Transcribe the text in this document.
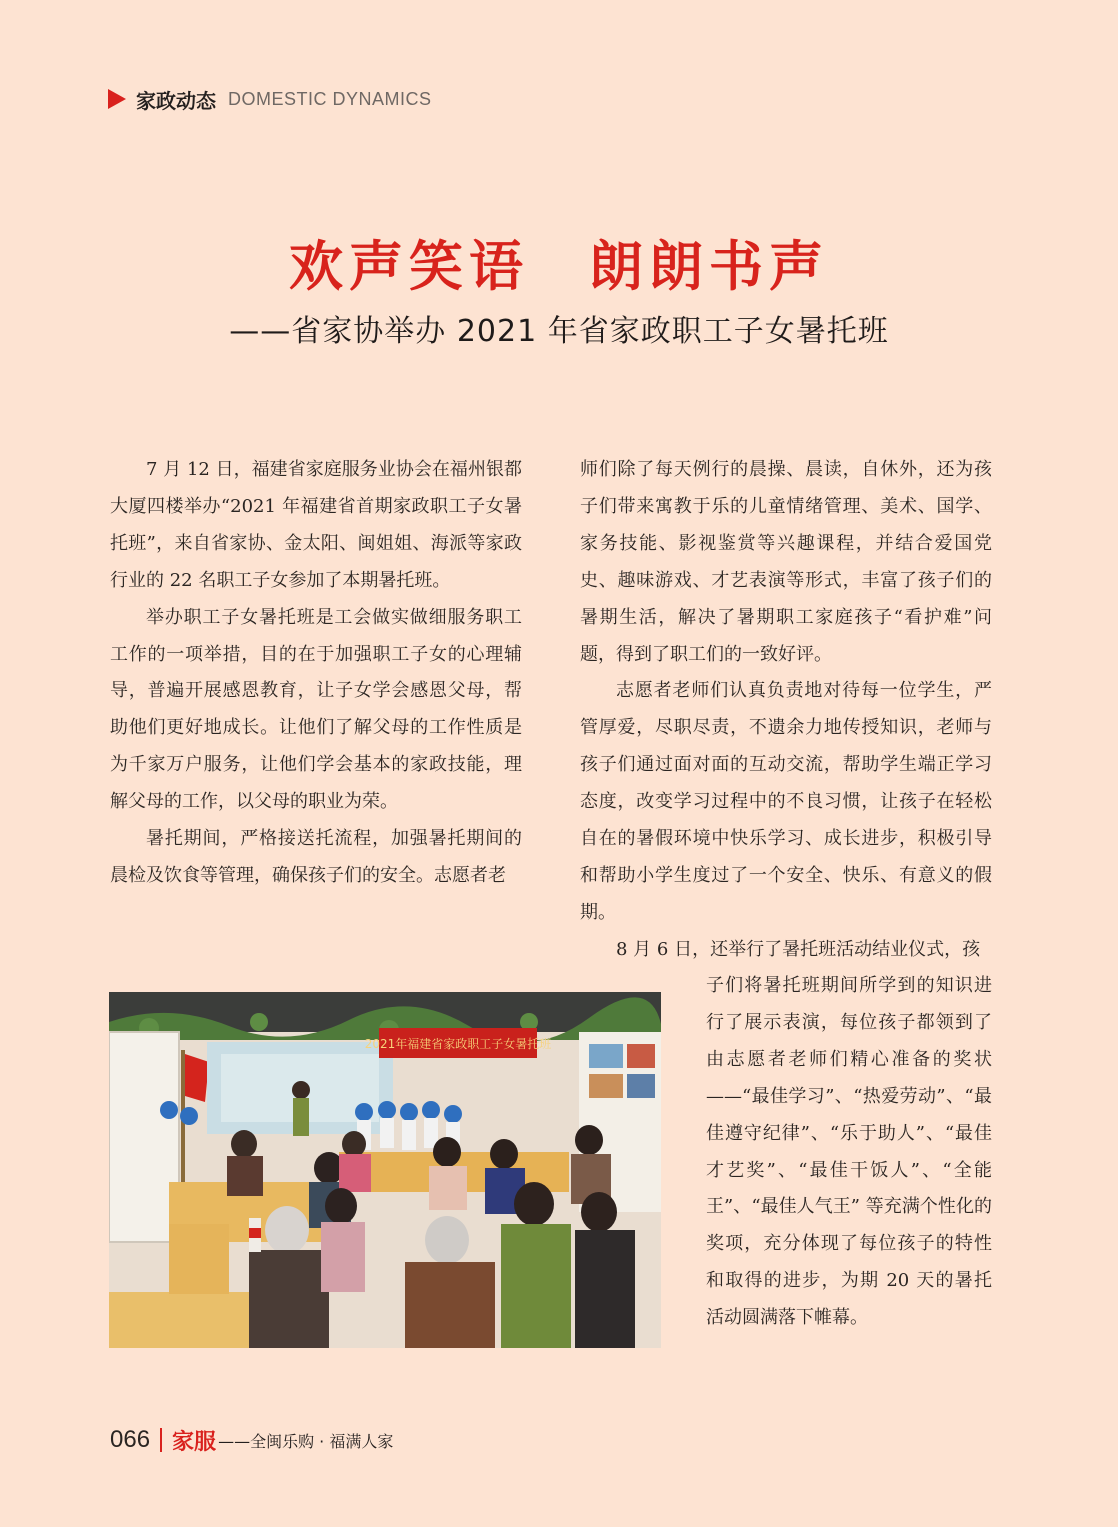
家政动态 DOMESTIC DYNAMICS
欢声笑语　朗朗书声
——省家协举办 2021 年省家政职工子女暑托班

7 月 12 日，福建省家庭服务业协会在福州银都大厦四楼举办“2021 年福建省首期家政职工子女暑托班”，来自省家协、金太阳、闽姐姐、海派等家政行业的 22 名职工子女参加了本期暑托班。

举办职工子女暑托班是工会做实做细服务职工工作的一项举措，目的在于加强职工子女的心理辅导，普遍开展感恩教育，让子女学会感恩父母，帮助他们更好地成长。让他们了解父母的工作性质是为千家万户服务，让他们学会基本的家政技能，理解父母的工作，以父母的职业为荣。

暑托期间，严格接送托流程，加强暑托期间的晨检及饮食等管理，确保孩子们的安全。志愿者老

师们除了每天例行的晨操、晨读，自休外，还为孩子们带来寓教于乐的儿童情绪管理、美术、国学、家务技能、影视鉴赏等兴趣课程，并结合爱国党史、趣味游戏、才艺表演等形式，丰富了孩子们的暑期生活，解决了暑期职工家庭孩子“看护难”问题，得到了职工们的一致好评。

志愿者老师们认真负责地对待每一位学生，严管厚爱，尽职尽责，不遗余力地传授知识，老师与孩子们通过面对面的互动交流，帮助学生端正学习态度，改变学习过程中的不良习惯，让孩子在轻松自在的暑假环境中快乐学习、成长进步，积极引导和帮助小学生度过了一个安全、快乐、有意义的假期。

8 月 6 日，还举行了暑托班活动结业仪式，孩

子们将暑托班期间所学到的知识进行了展示表演，每位孩子都领到了由志愿者老师们精心准备的奖状——“最佳学习”、“热爱劳动”、“最佳遵守纪律”、“乐于助人”、“最佳才艺奖”、“最佳干饭人”、“全能王”、“最佳人气王” 等充满个性化的奖项，充分体现了每位孩子的特性和取得的进步，为期 20 天的暑托活动圆满落下帷幕。

2021年福建省家政职工子女暑托班
066 家服 ——全闽乐购 · 福满人家
